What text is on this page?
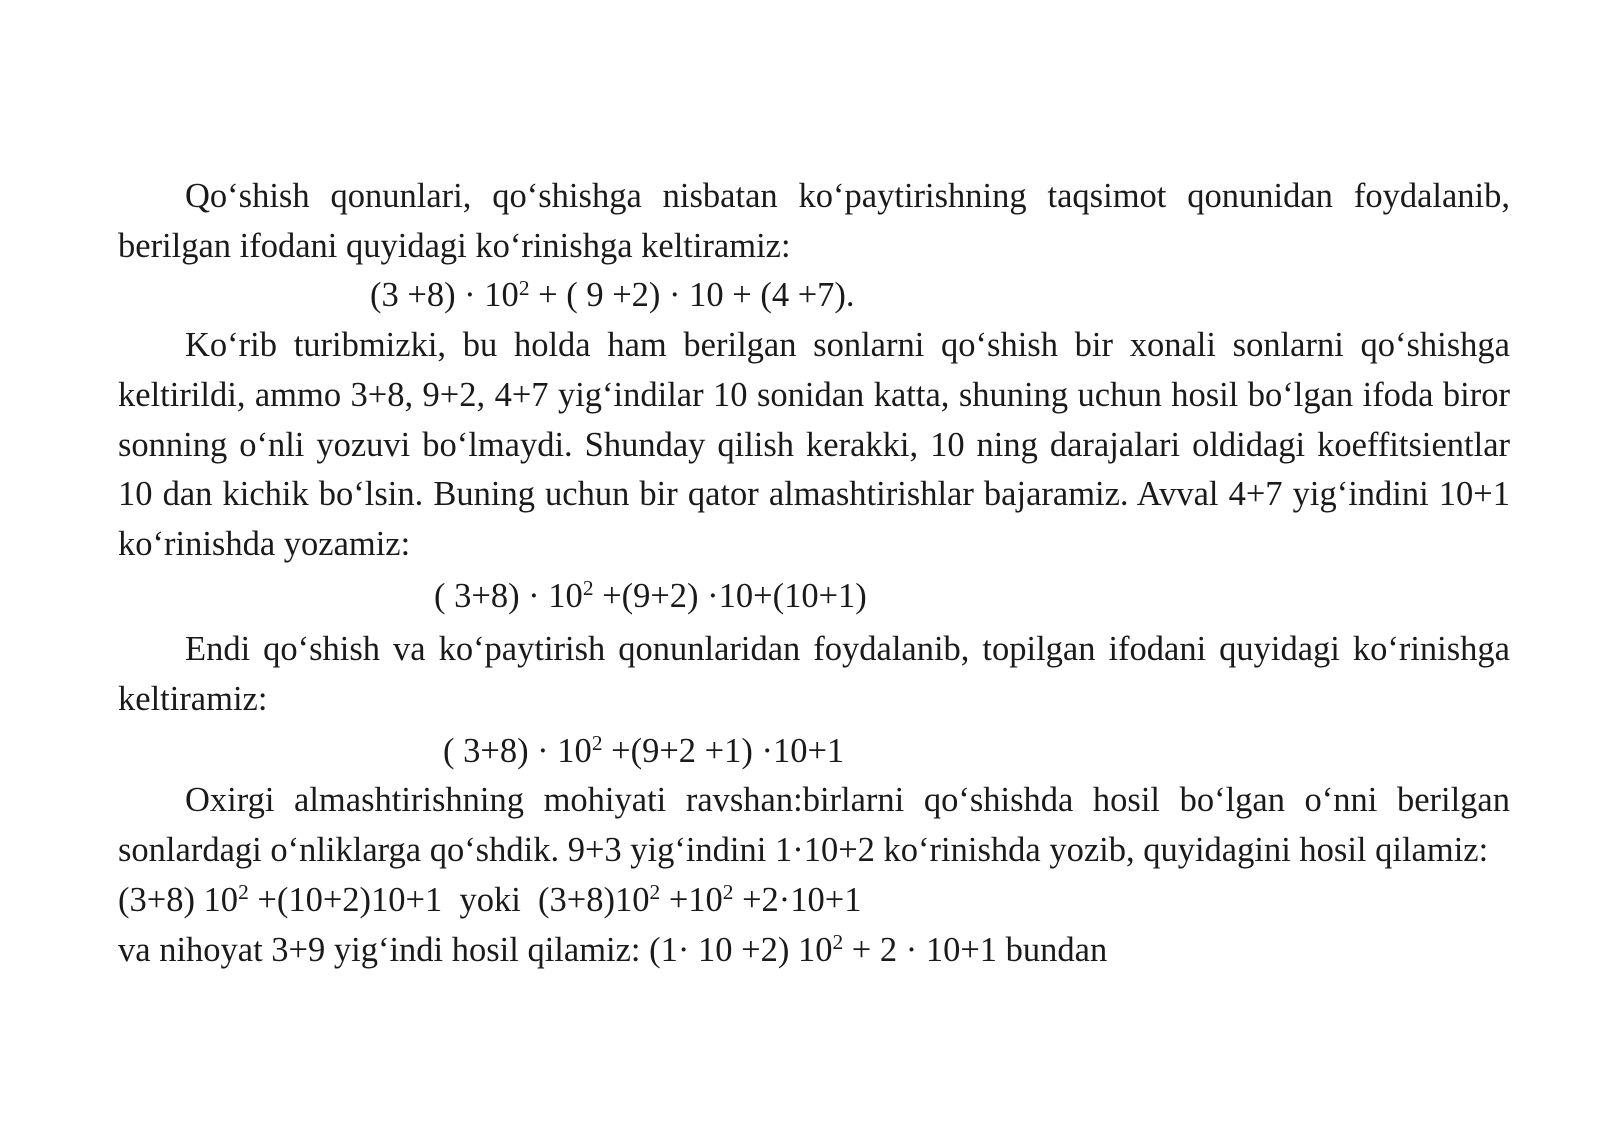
Qo‘shish qonunlari, qo‘shishga nisbatan ko‘paytirishning taqsimot qonunidan foydalanib, berilgan ifodani quyidagi ko‘rinishga keltiramiz:

$(3 +8) \cdot 10^2$ + ( 9 +2) · 10 + (4 +7).

Ko‘rib turibmizki, bu holda ham berilgan sonlarni qo‘shish bir xonali sonlarni qo‘shishga keltirildi, ammo 3+8, 9+2, 4+7 yig‘indilar 10 sonidan katta, shuning uchun hosil bo‘lgan ifoda biror sonning o‘nli yozuvi bo‘lmaydi. Shunday qilish kerakki, 10 ning darajalari oldidagi koeffitsientlar 10 dan kichik bo‘lsin. Buning uchun bir qator almashtirishlar bajaramiz. Avval 4+7 yig‘indini 10+1 ko‘rinishda yozamiz:

( $3+8) \cdot 10^2 +(9+2) \cdot 10+(10+1)$

Endi qo‘shish va ko‘paytirish qonunlaridan foydalanib, topilgan ifodani quyidagi ko‘rinishga keltiramiz:

( $3+8) \cdot 10^2 +(9+2 +1) \cdot 10+1$

Oxirgi almashtirishning mohiyati ravshan:birlarni qo‘shishda hosil bo‘lgan o‘nni berilgan sonlardagi o‘nliklarga qo‘shdik. 9+3 yig‘indini 1·10+2 ko‘rinishda yozib, quyidagini hosil qilamiz:

(3+8) $10^2 +(10+2)10+1$  yoki  $(3+8)10^2 +10^2 +2\cdot 10+1$

va nihoyat 3+9 yig‘indi hosil qilamiz: (1· 10 +2) $10^2 + 2 \cdot 10+1$ bundan
